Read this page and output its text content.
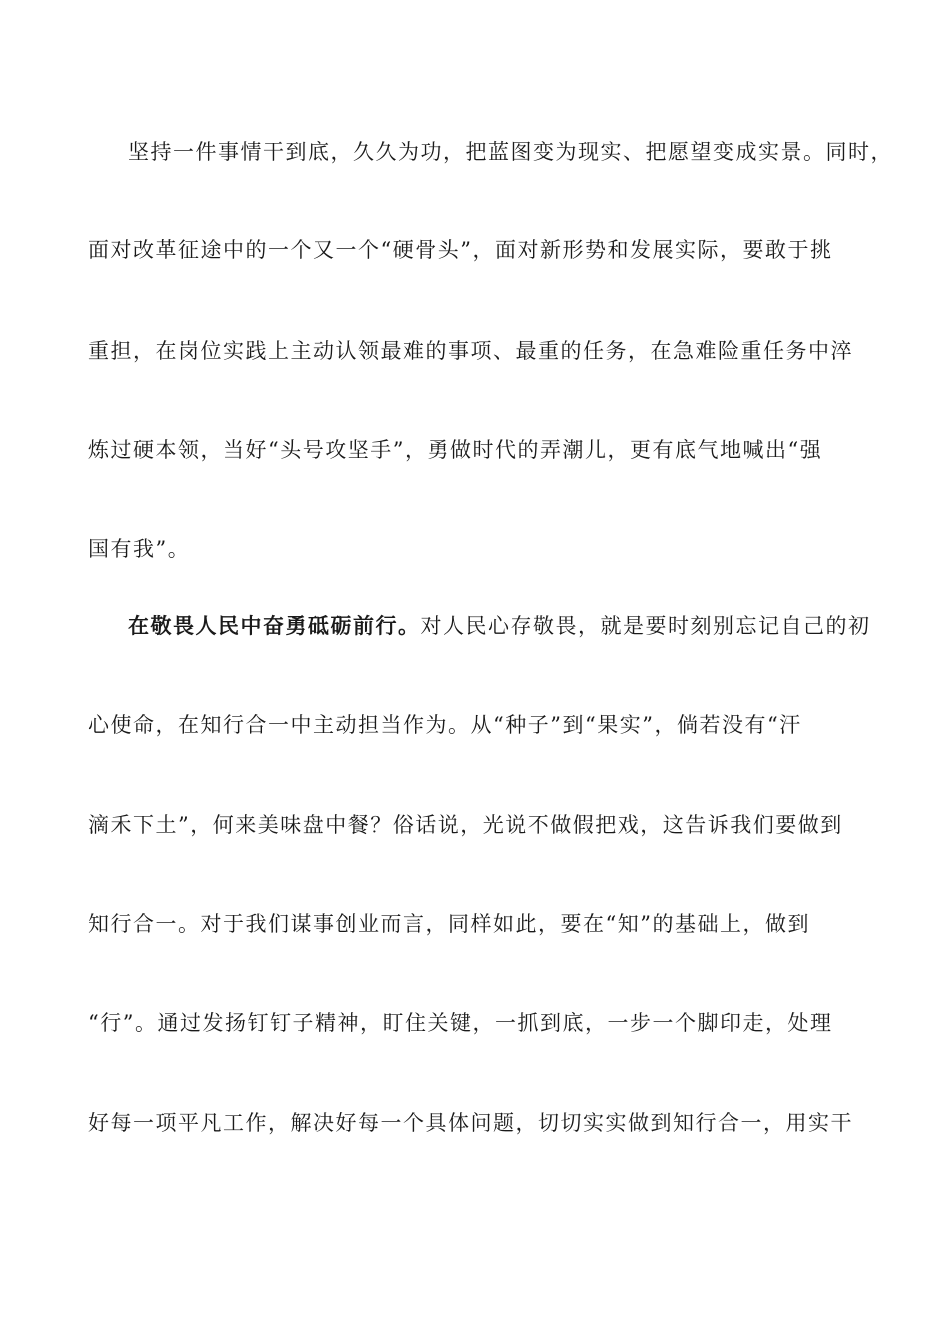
坚持一件事情干到底，久久为功，把蓝图变为现实、把愿望变成实景。同时，
面对改革征途中的一个又一个“硬骨头”，面对新形势和发展实际，要敢于挑
重担，在岗位实践上主动认领最难的事项、最重的任务，在急难险重任务中淬
炼过硬本领，当好“头号攻坚手”，勇做时代的弄潮儿，更有底气地喊出“强
国有我”。
在敬畏人民中奋勇砥砺前行。对人民心存敬畏，就是要时刻别忘记自己的初
心使命，在知行合一中主动担当作为。从“种子”到“果实”，倘若没有“汗
滴禾下土”，何来美味盘中餐？俗话说，光说不做假把戏，这告诉我们要做到
知行合一。对于我们谋事创业而言，同样如此，要在“知”的基础上，做到
“行”。通过发扬钉钉子精神，盯住关键，一抓到底，一步一个脚印走，处理
好每一项平凡工作，解决好每一个具体问题，切切实实做到知行合一，用实干
